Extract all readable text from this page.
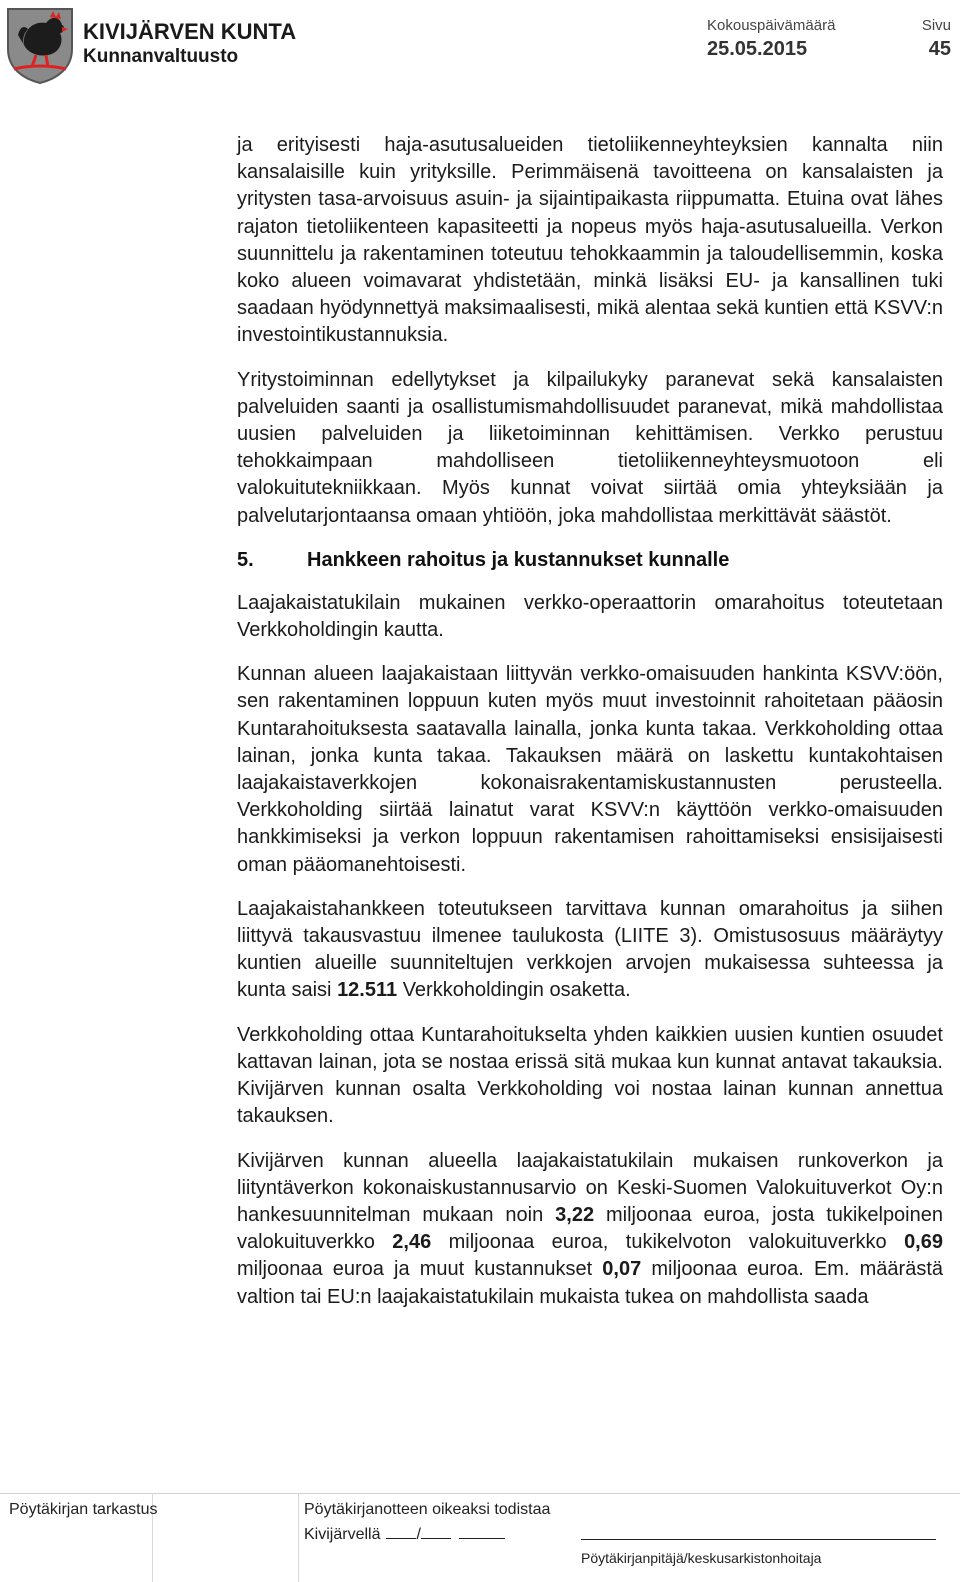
KIVIJÄRVEN KUNTA
Kunnanvaltuusto
Kokouspäivämäärä
25.05.2015
Sivu
45

ja erityisesti haja-asutusalueiden tietoliikenneyhteyksien kannalta niin kansalaisille kuin yrityksille. Perimmäisenä tavoitteena on kansalaisten ja yritysten tasa-arvoisuus asuin- ja sijaintipaikasta riippumatta. Etuina ovat lähes rajaton tietoliikenteen kapasiteetti ja nopeus myös haja-asutusalueilla. Verkon suunnittelu ja rakentaminen toteutuu tehokkaammin ja taloudellisemmin, koska koko alueen voimavarat yhdistetään, minkä lisäksi EU- ja kansallinen tuki saadaan hyödynnettyä maksimaalisesti, mikä alentaa sekä kuntien että KSVV:n investointikustannuksia.

Yritystoiminnan edellytykset ja kilpailukyky paranevat sekä kansalaisten palveluiden saanti ja osallistumismahdollisuudet paranevat, mikä mahdollistaa uusien palveluiden ja liiketoiminnan kehittämisen. Verkko perustuu tehokkaimpaan mahdolliseen tietoliikenneyhteysmuotoon eli valokuitutekniikkaan. Myös kunnat voivat siirtää omia yhteyksiään ja palvelutarjontaansa omaan yhtiöön, joka mahdollistaa merkittävät säästöt.

5.	Hankkeen rahoitus ja kustannukset kunnalle

Laajakaistatukilain mukainen verkko-operaattorin omarahoitus toteutetaan Verkkoholdingin kautta.

Kunnan alueen laajakaistaan liittyvän verkko-omaisuuden hankinta KSVV:öön, sen rakentaminen loppuun kuten myös muut investoinnit rahoitetaan pääosin Kuntarahoituksesta saatavalla lainalla, jonka kunta takaa. Verkkoholding ottaa lainan, jonka kunta takaa. Takauksen määrä on laskettu kuntakohtaisen laajakaistaverkkojen kokonaisrakentamiskustannusten perusteella. Verkkoholding siirtää lainatut varat KSVV:n käyttöön verkko-omaisuuden hankkimiseksi ja verkon loppuun rakentamisen rahoittamiseksi ensisijaisesti oman pääomanehtoisesti.

Laajakaistahankkeen toteutukseen tarvittava kunnan omarahoitus ja siihen liittyvä takausvastuu ilmenee taulukosta (LIITE 3). Omistusosuus määräytyy kuntien alueille suunniteltujen verkkojen arvojen mukaisessa suhteessa ja kunta saisi 12.511 Verkkoholdingin osaketta.

Verkkoholding ottaa Kuntarahoitukselta yhden kaikkien uusien kuntien osuudet kattavan lainan, jota se nostaa erissä sitä mukaa kun kunnat antavat takauksia. Kivijärven kunnan osalta Verkkoholding voi nostaa lainan kunnan annettua takauksen.

Kivijärven kunnan alueella laajakaistatukilain mukaisen runkoverkon ja liityntäverkon kokonaiskustannusarvio on Keski-Suomen Valokuituverkot Oy:n hankesuunnitelman mukaan noin 3,22 miljoonaa euroa, josta tukikelpoinen valokuituverkko 2,46 miljoonaa euroa, tukikelvoton valokuituverkko 0,69 miljoonaa euroa ja muut kustannukset 0,07 miljoonaa euroa. Em. määrästä valtion tai EU:n laajakaistatukilain mukaista tukea on mahdollista saada

Pöytäkirjan tarkastus	Pöytäkirjanotteen oikeaksi todistaa
Kivijärvellä /
Pöytäkirjanpitäjä/keskusarkistonhoitaja
